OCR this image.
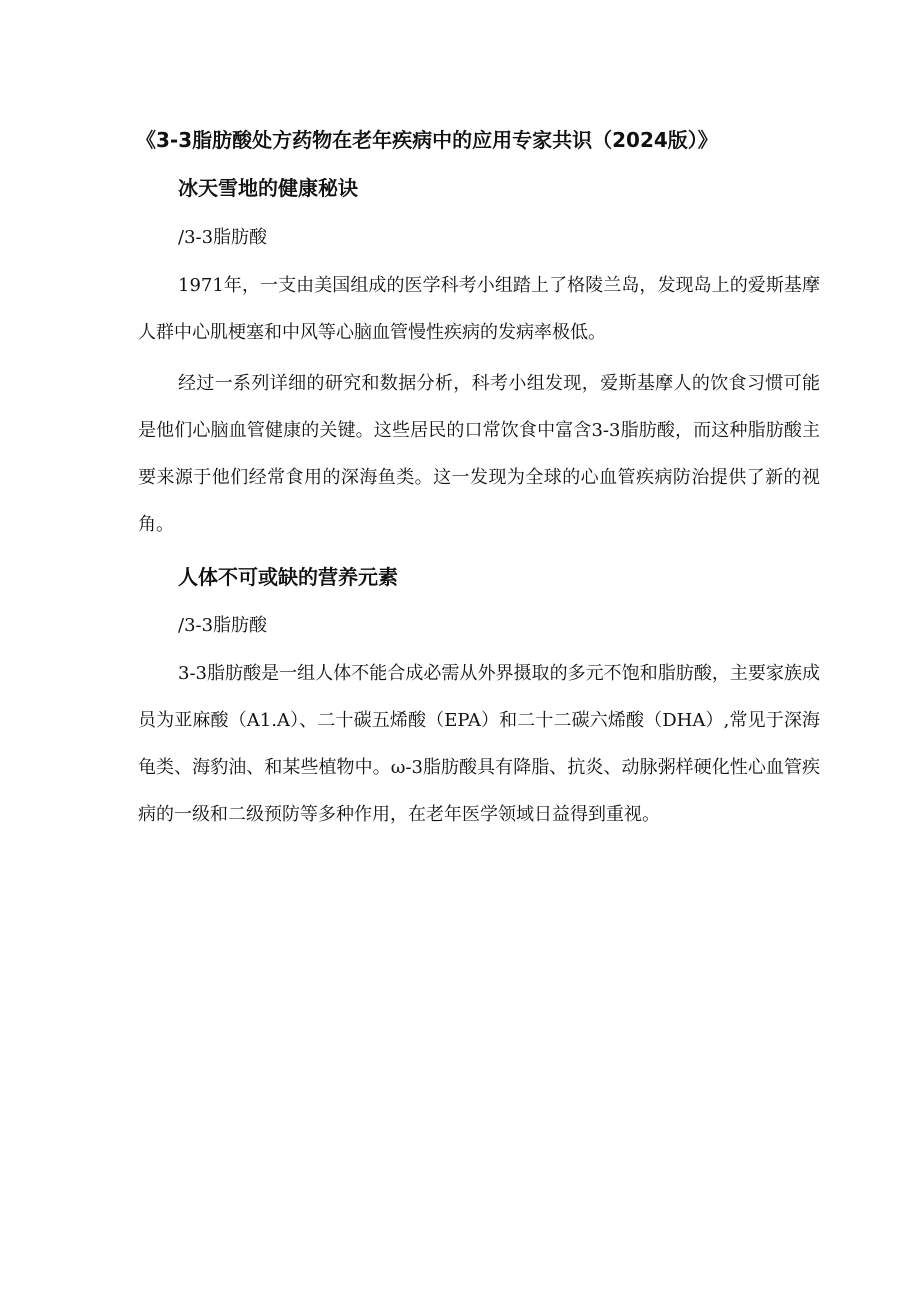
《3-3脂肪酸处方药物在老年疾病中的应用专家共识（2024版）》
冰天雪地的健康秘诀
/3-3脂肪酸

1971年，一支由美国组成的医学科考小组踏上了格陵兰岛，发现岛上的爱斯基摩人群中心肌梗塞和中风等心脑血管慢性疾病的发病率极低。

经过一系列详细的研究和数据分析，科考小组发现，爱斯基摩人的饮食习惯可能是他们心脑血管健康的关键。这些居民的口常饮食中富含3-3脂肪酸，而这种脂肪酸主要来源于他们经常食用的深海鱼类。这一发现为全球的心血管疾病防治提供了新的视角。

人体不可或缺的营养元素
/3-3脂肪酸

3-3脂肪酸是一组人体不能合成必需从外界摄取的多元不饱和脂肪酸，主要家族成员为亚麻酸（A1.A）、二十碳五烯酸（EPA）和二十二碳六烯酸（DHA）,常见于深海龟类、海豹油、和某些植物中。ω-3脂肪酸具有降脂、抗炎、动脉粥样硬化性心血管疾病的一级和二级预防等多种作用，在老年医学领域日益得到重视。
